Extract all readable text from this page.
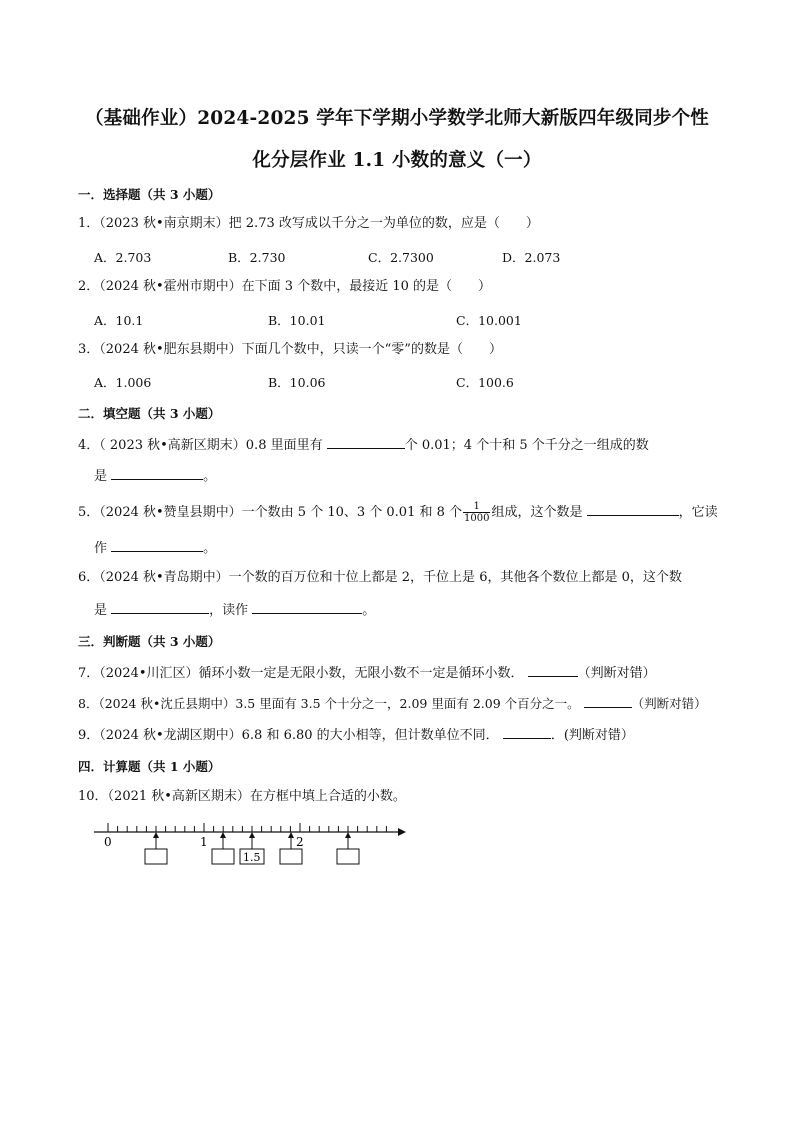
（基础作业）2024-2025 学年下学期小学数学北师大新版四年级同步个性
化分层作业 1.1 小数的意义（一）
一．选择题（共 3 小题）
1．（2023 秋•南京期末）把 2.73 改写成以千分之一为单位的数，应是（　　）
A．2.703	B．2.730	C．2.7300	D．2.073
2．（2024 秋•霍州市期中）在下面 3 个数中，最接近 10 的是（　　）
A．10.1	B．10.01	C．10.001
3．（2024 秋•肥东县期中）下面几个数中，只读一个“零”的数是（　　）
A．1.006	B．10.06	C．100.6
二．填空题（共 3 小题）
4．（ 2023 秋•高新区期末）0.8 里面里有	个 0.01；4 个十和 5 个千分之一组成的数
是	。
5．（2024 秋•赞皇县期中）一个数由 5 个 10、3 个 0.01 和 8 个 $\frac{1}{1000}$ 组成，这个数是	，它读
作	。
6．（2024 秋•青岛期中）一个数的百万位和十位上都是 2，千位上是 6，其他各个数位上都是 0，这个数
是	，读作	。
三．判断题（共 3 小题）
7．（2024•川汇区）循环小数一定是无限小数，无限小数不一定是循环小数．	（判断对错）
8．（2024 秋•沈丘县期中）3.5 里面有 3.5 个十分之一，2.09 里面有 2.09 个百分之一。	（判断对错）
9．（2024 秋•龙湖区期中）6.8 和 6.80 的大小相等，但计数单位不同．	．(判断对错）
四．计算题（共 1 小题）
10．（2021 秋•高新区期末）在方框中填上合适的小数。
0	1	2
1.5
